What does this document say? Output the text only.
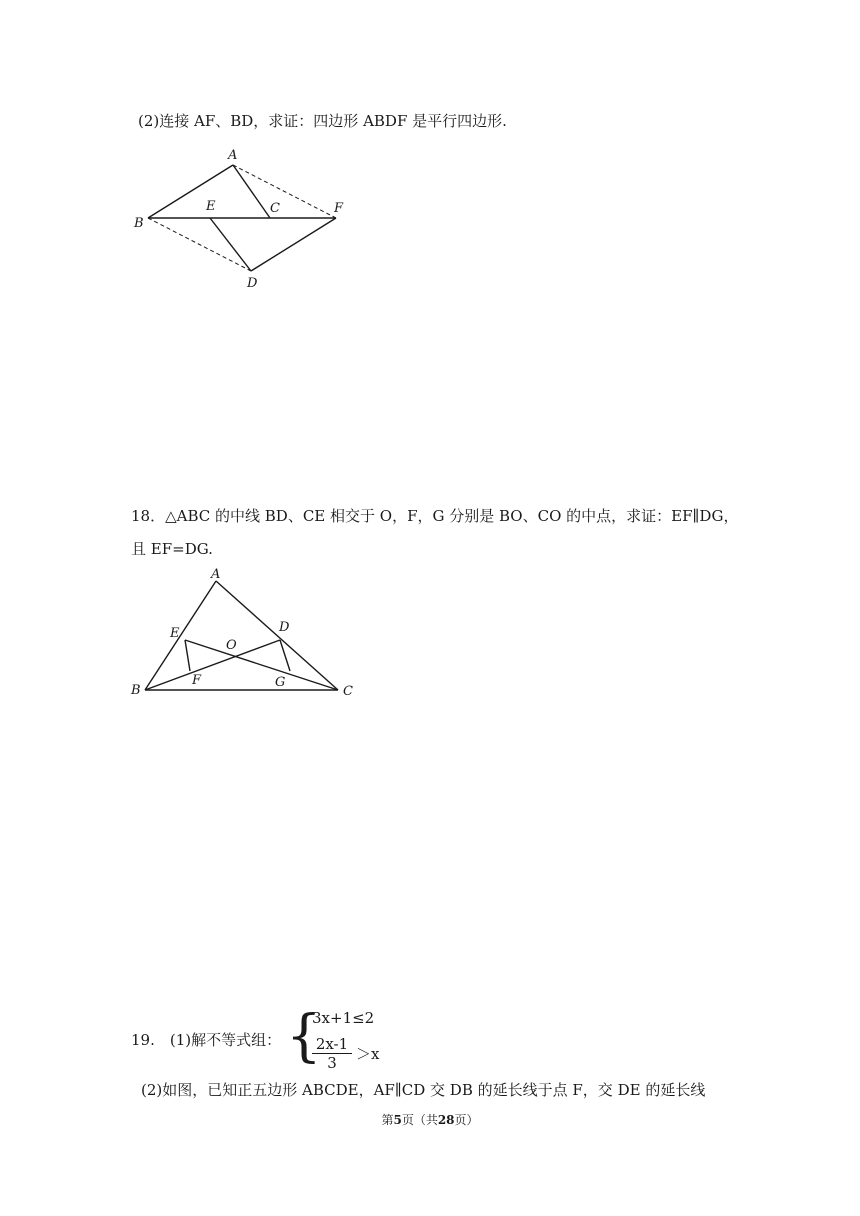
(2)连接 AF、BD，求证：四边形 ABDF 是平行四边形.
A
B
C
D
E	F
18．△ABC 的中线 BD、CE 相交于 O，F，G 分别是 BO、CO 的中点，求证：EF∥DG，
且 EF=DG.
A
B	C
D
E
F	G
O
19.　(1)解不等式组： {
3x+1≤2
$\frac{2x-1}{3} >x$
(2)如图，已知正五边形 ABCDE，AF∥CD 交 DB 的延长线于点 F，交 DE 的延长线
第5页（共28页）
